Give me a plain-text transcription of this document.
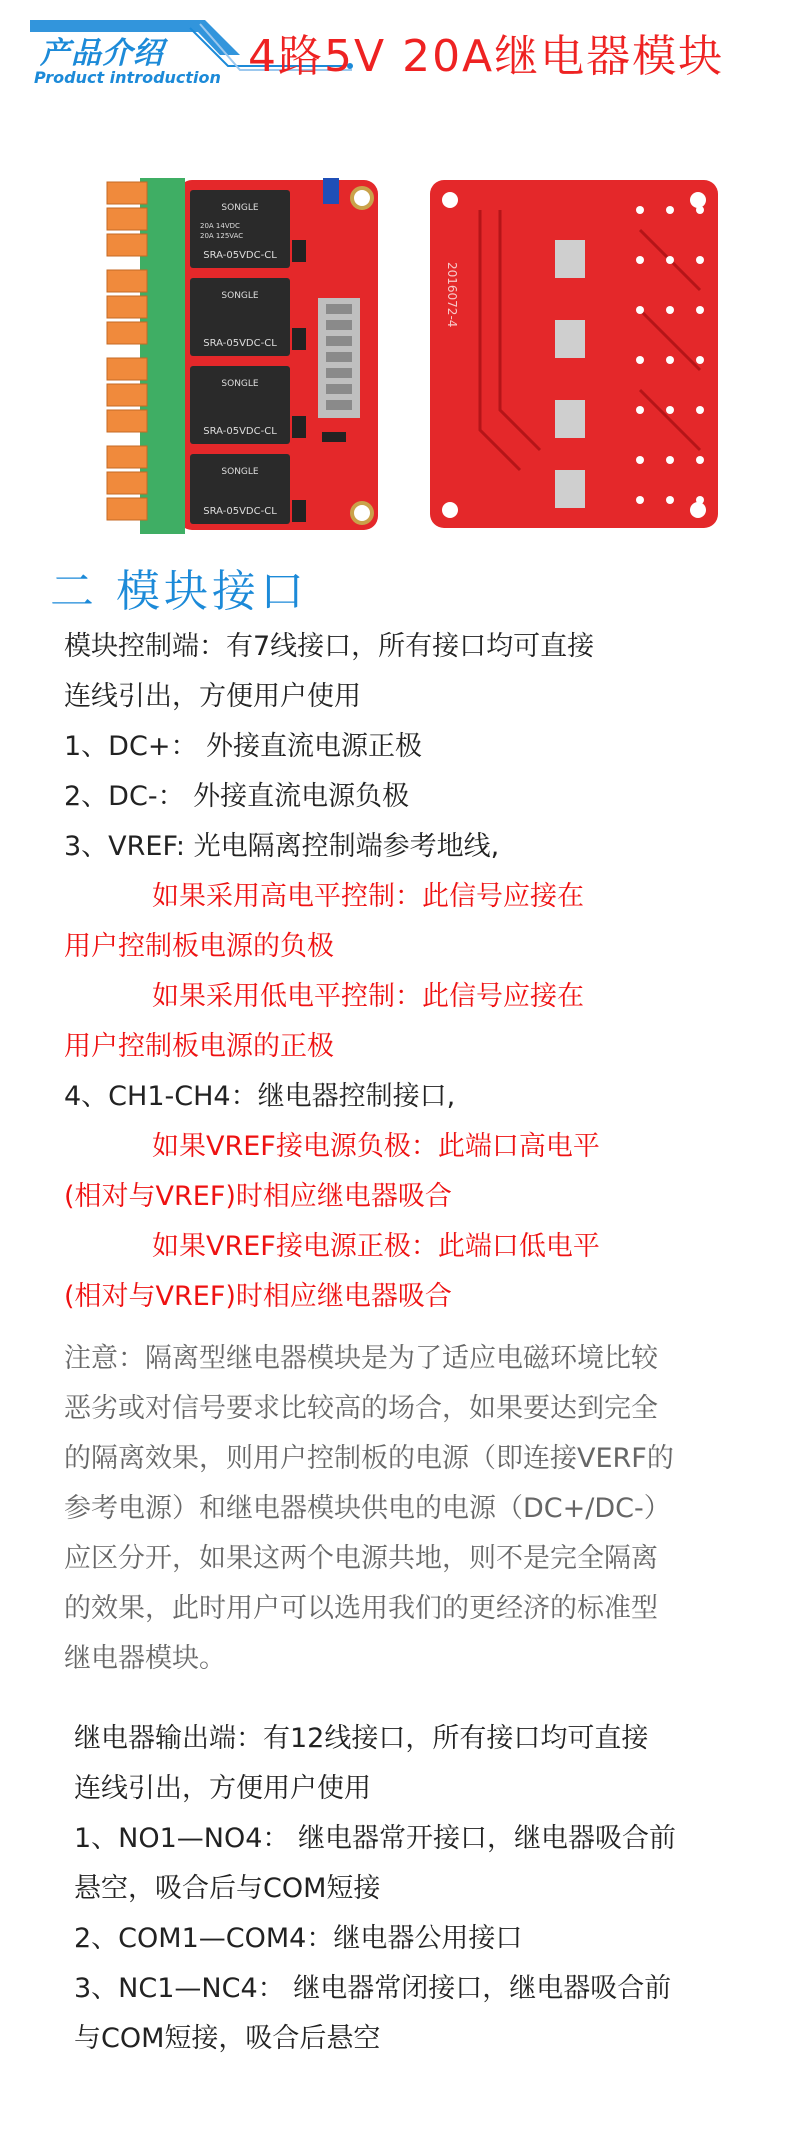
产品介绍
Product introduction 4路5V 20A继电器模块
SONGLE
20A 14VDC
20A 125VAC
SRA-05VDC-CL
SONGLE
SRA-05VDC-CL
SONGLE
SRA-05VDC-CL
SONGLE
SRA-05VDC-CL
2016072-4
二 模块接口
模块控制端：有7线接口，所有接口均可直接
连线引出，方便用户使用
1、DC+： 外接直流电源正极
2、DC-： 外接直流电源负极
3、VREF: 光电隔离控制端参考地线,
如果采用高电平控制：此信号应接在
用户控制板电源的负极
如果采用低电平控制：此信号应接在
用户控制板电源的正极
4、CH1-CH4：继电器控制接口,
如果VREF接电源负极：此端口高电平
(相对与VREF)时相应继电器吸合
如果VREF接电源正极：此端口低电平
(相对与VREF)时相应继电器吸合
注意：隔离型继电器模块是为了适应电磁环境比较
恶劣或对信号要求比较高的场合，如果要达到完全
的隔离效果，则用户控制板的电源（即连接VERF的
参考电源）和继电器模块供电的电源（DC+/DC-）
应区分开，如果这两个电源共地，则不是完全隔离
的效果，此时用户可以选用我们的更经济的标准型
继电器模块。
继电器输出端：有12线接口，所有接口均可直接
连线引出，方便用户使用
1、NO1—NO4： 继电器常开接口，继电器吸合前
悬空，吸合后与COM短接
2、COM1—COM4：继电器公用接口
3、NC1—NC4： 继电器常闭接口，继电器吸合前
与COM短接，吸合后悬空
